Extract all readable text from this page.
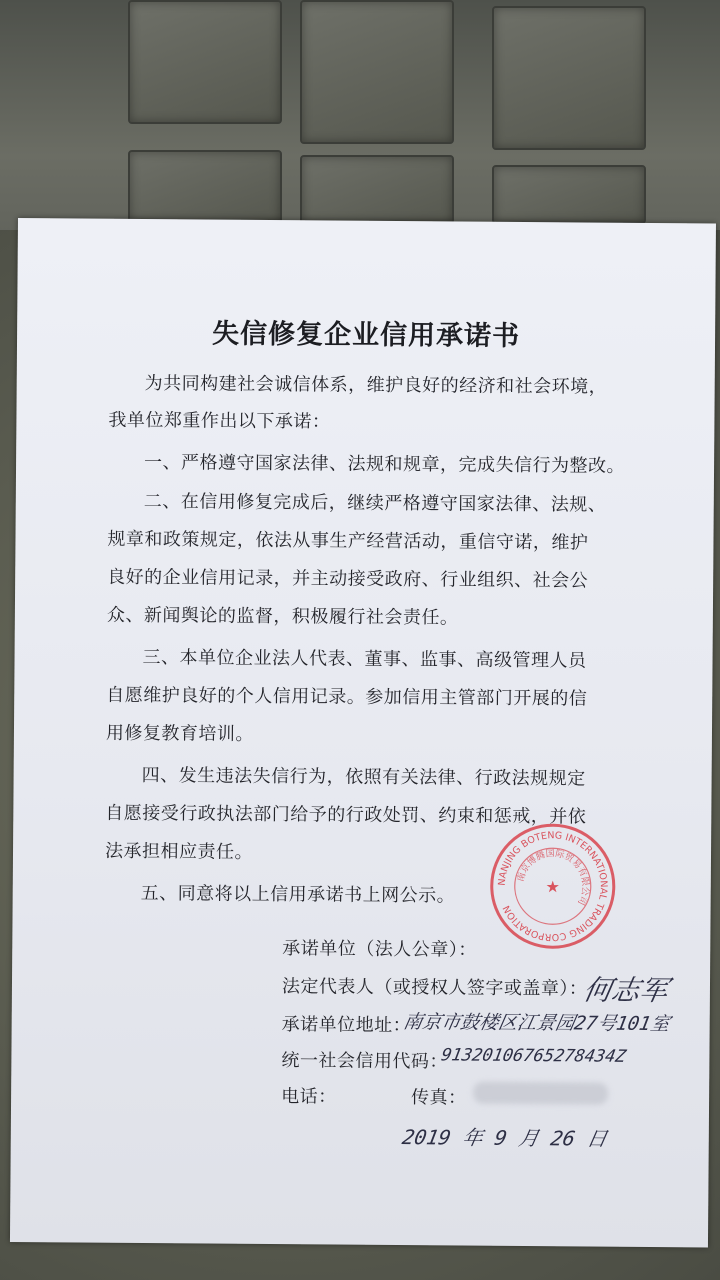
失信修复企业信用承诺书

为共同构建社会诚信体系，维护良好的经济和社会环境，

我单位郑重作出以下承诺：

一、严格遵守国家法律、法规和规章，完成失信行为整改。

二、在信用修复完成后，继续严格遵守国家法律、法规、

规章和政策规定，依法从事生产经营活动，重信守诺，维护

良好的企业信用记录，并主动接受政府、行业组织、社会公

众、新闻舆论的监督，积极履行社会责任。

三、本单位企业法人代表、董事、监事、高级管理人员

自愿维护良好的个人信用记录。参加信用主管部门开展的信

用修复教育培训。

四、发生违法失信行为，依照有关法律、行政法规规定

自愿接受行政执法部门给予的行政处罚、约束和惩戒，并依

法承担相应责任。

五、同意将以上信用承诺书上网公示。

NANJING BOTENG INTERNATIONAL TRADING CORPORATION
南京博腾国际贸易有限公司
★

承诺单位（法人公章）：

法定代表人（或授权人签字或盖章）：

何志军

承诺单位地址：

南京市鼓楼区江景园27号101室

统一社会信用代码：

91320106765278434Z

电话：	传真：

2019 年 9 月 26 日
